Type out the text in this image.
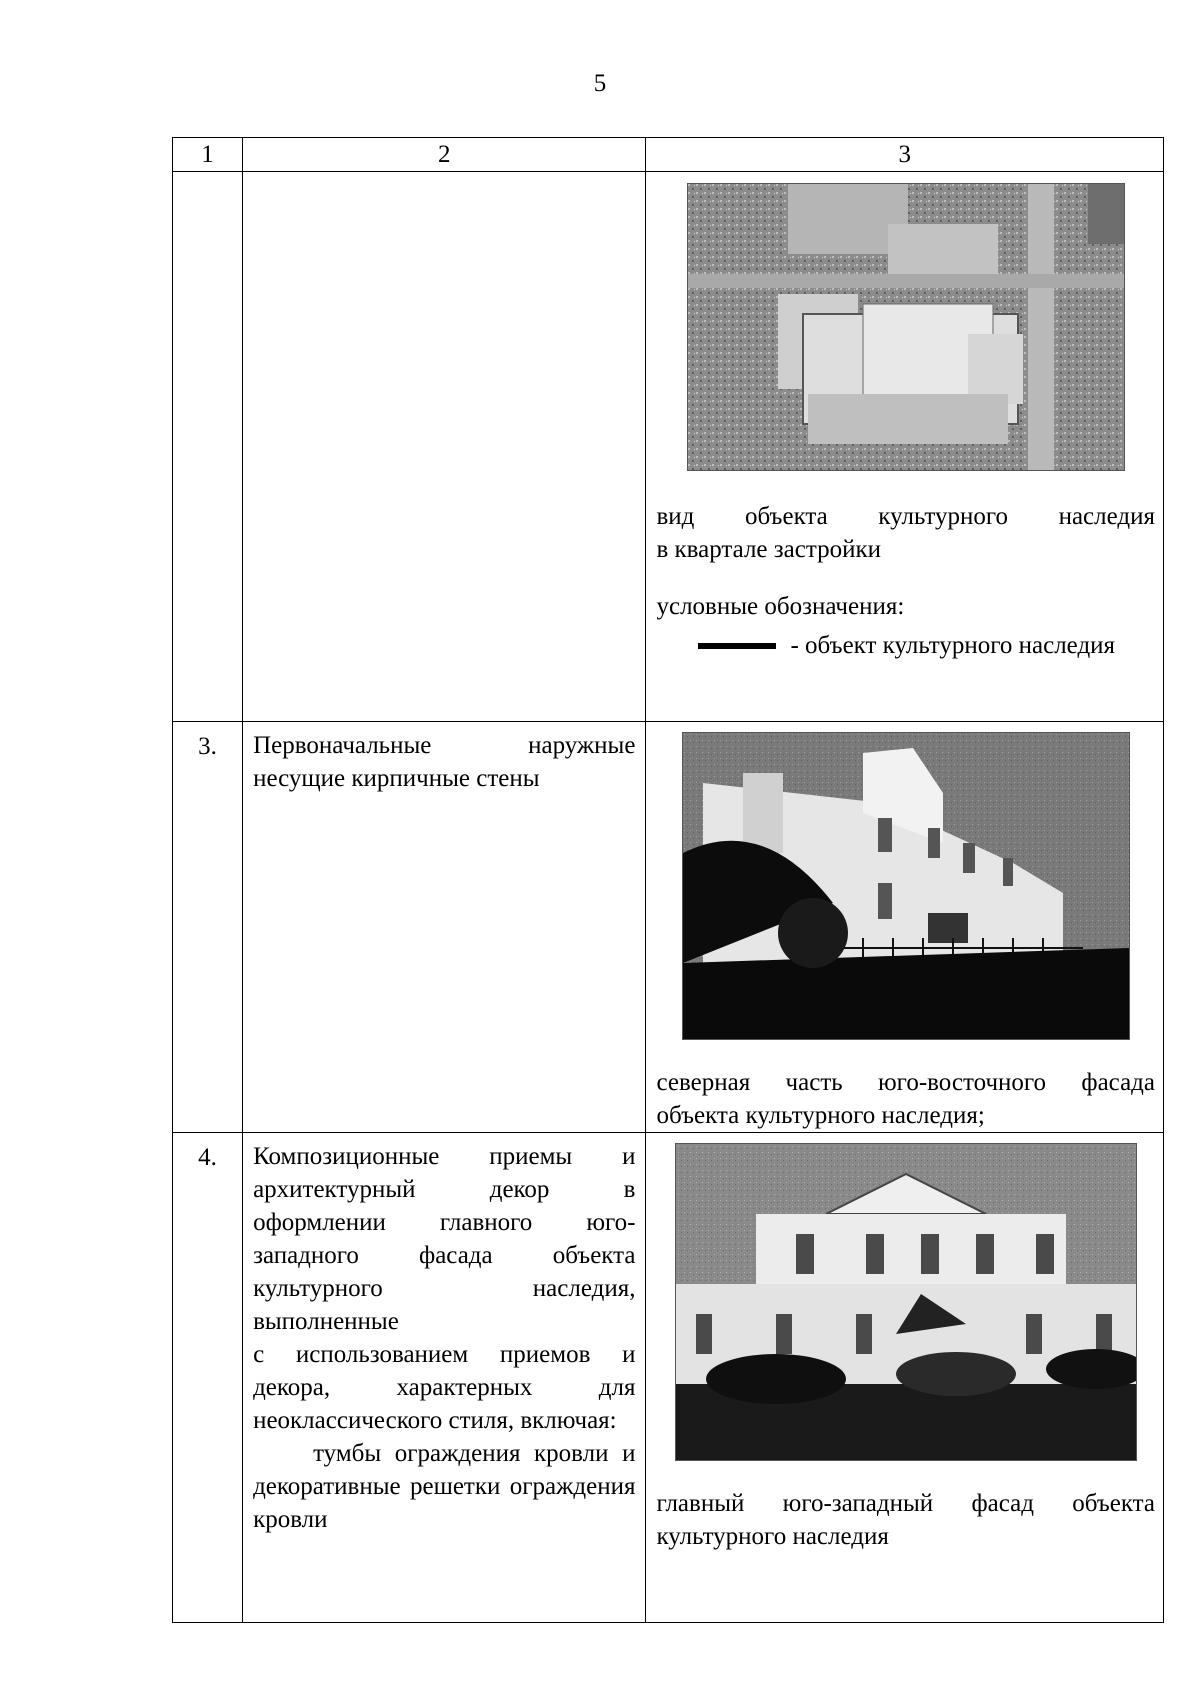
5
1	2	3

		вид объекта культурного наследия

в квартале застройки

условные обозначения:

- объект культурного наследия

3.	Первоначальные наружные несущие кирпичные стены	северная часть юго-восточного фасада объекта культурного наследия;

4.	Композиционные приемы и архитектурный декор в оформлении главного юго-западного фасада объекта культурного наследия, выполненные

с использованием приемов и декора, характерных для неоклассического стиля, включая:

тумбы ограждения кровли и декоративные решетки ограждения кровли	главный юго-западный фасад объекта культурного наследия
